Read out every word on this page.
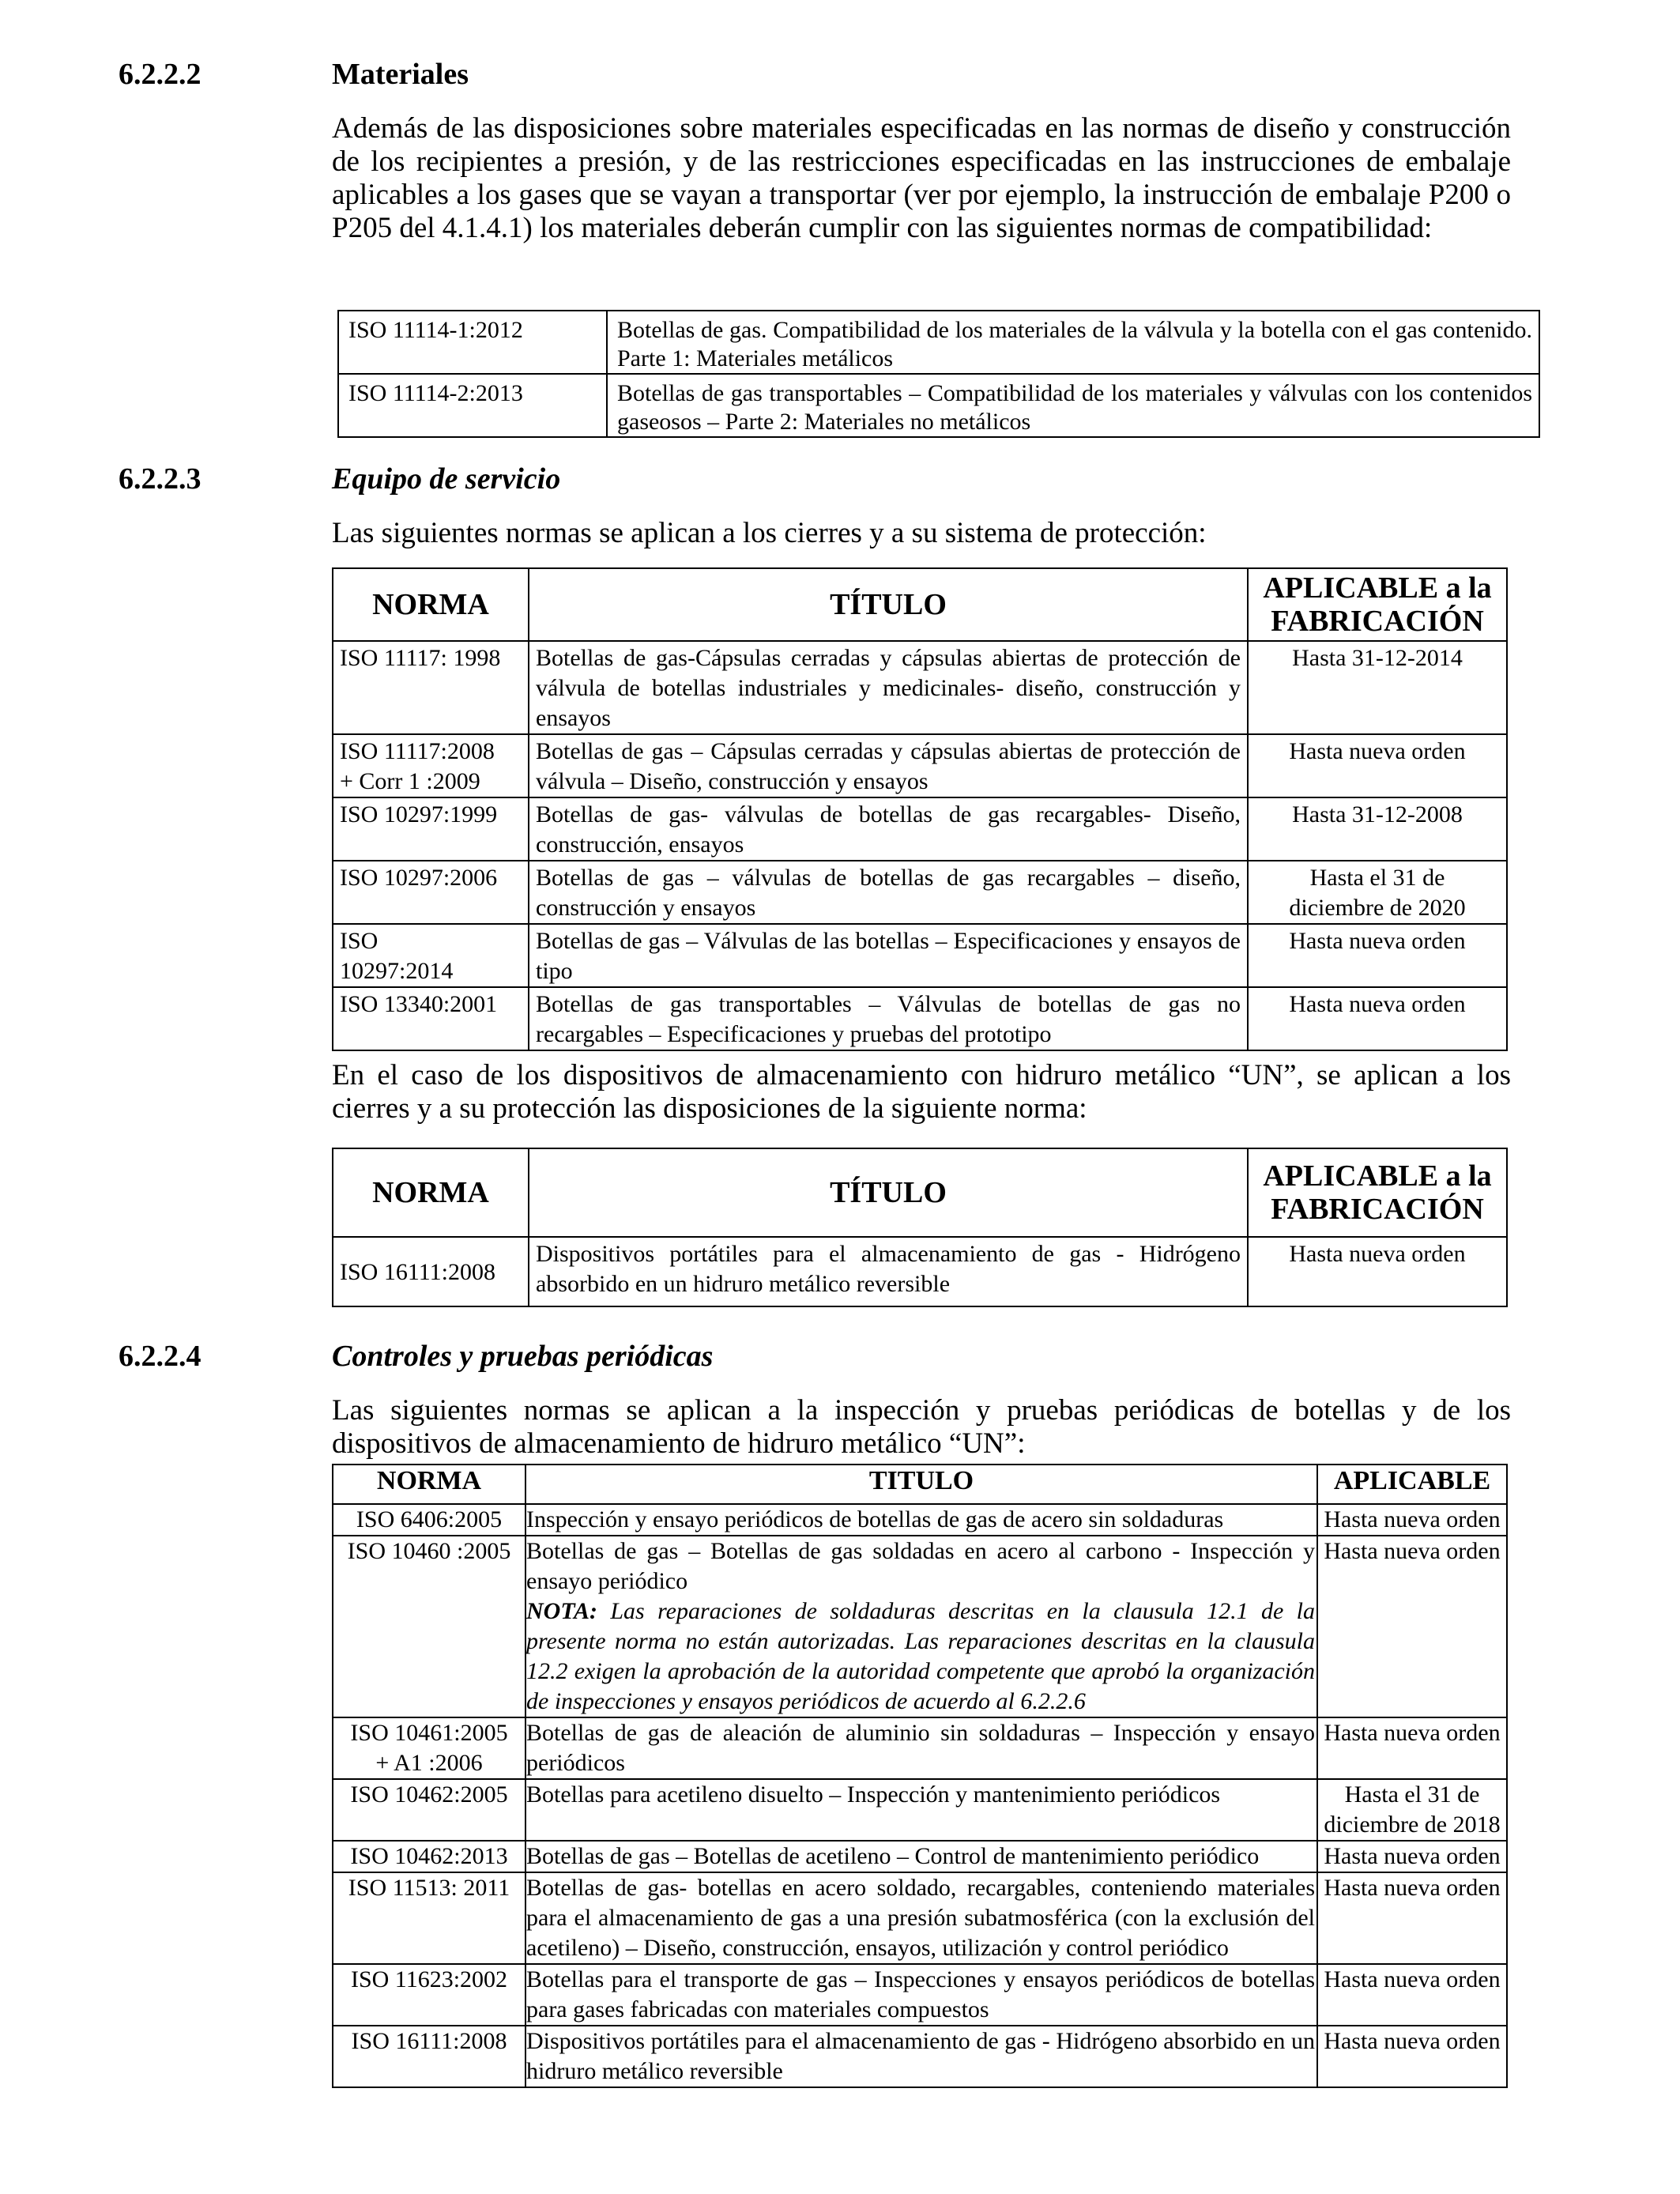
6.2.2.2	Materiales

Además de las disposiciones sobre materiales especificadas en las normas de diseño y construcción de los recipientes a presión, y de las restricciones especificadas en las instrucciones de embalaje aplicables a los gases que se vayan a transportar (ver por ejemplo, la instrucción de embalaje P200 o P205 del 4.1.4.1) los materiales deberán cumplir con las siguientes normas de compatibilidad:

ISO 11114-1:2012	Botellas de gas. Compatibilidad de los materiales de la válvula y la botella con el gas contenido. Parte 1: Materiales metálicos
ISO 11114-2:2013	Botellas de gas transportables – Compatibilidad de los materiales y válvulas con los contenidos gaseosos – Parte 2: Materiales no metálicos
6.2.2.3	Equipo de servicio

Las siguientes normas se aplican a los cierres y a su sistema de protección:

NORMA	TÍTULO	APLICABLE a la
FABRICACIÓN

ISO 11117: 1998	Botellas de gas-Cápsulas cerradas y cápsulas abiertas de protección de válvula de botellas industriales y medicinales- diseño, construcción y ensayos	Hasta 31-12-2014

ISO 11117:2008
+ Corr 1 :2009	Botellas de gas – Cápsulas cerradas y cápsulas abiertas de protección de válvula – Diseño, construcción y ensayos	Hasta nueva orden

ISO 10297:1999	Botellas de gas- válvulas de botellas de gas recargables- Diseño, construcción, ensayos	Hasta 31-12-2008

ISO 10297:2006	Botellas de gas – válvulas de botellas de gas recargables – diseño, construcción y ensayos	Hasta el 31 de
diciembre de 2020

ISO
10297:2014	Botellas de gas – Válvulas de las botellas – Especificaciones y ensayos de tipo	Hasta nueva orden

ISO 13340:2001	Botellas de gas transportables – Válvulas de botellas de gas no recargables – Especificaciones y pruebas del prototipo	Hasta nueva orden

En el caso de los dispositivos de almacenamiento con hidruro metálico “UN”, se aplican a los cierres y a su protección las disposiciones de la siguiente norma:

NORMA	TÍTULO	APLICABLE a la
FABRICACIÓN

ISO 16111:2008	Dispositivos portátiles para el almacenamiento de gas - Hidrógeno absorbido en un hidruro metálico reversible	Hasta nueva orden
6.2.2.4	Controles y pruebas periódicas

Las siguientes normas se aplican a la inspección y pruebas periódicas de botellas y de los dispositivos de almacenamiento de hidruro metálico “UN”:

NORMA	TITULO	APLICABLE

ISO 6406:2005	Inspección y ensayo periódicos de botellas de gas de acero sin soldaduras	Hasta nueva orden

ISO 10460 :2005	Botellas de gas – Botellas de gas soldadas en acero al carbono - Inspección y ensayo periódico
NOTA: Las reparaciones de soldaduras descritas en la clausula 12.1 de la presente norma no están autorizadas. Las reparaciones descritas en la clausula 12.2 exigen la aprobación de la autoridad competente que aprobó la organización de inspecciones y ensayos periódicos de acuerdo al 6.2.2.6	Hasta nueva orden

ISO 10461:2005
+ A1 :2006	Botellas de gas de aleación de aluminio sin soldaduras – Inspección y ensayo periódicos	Hasta nueva orden

ISO 10462:2005	Botellas para acetileno disuelto – Inspección y mantenimiento periódicos	Hasta el 31 de
diciembre de 2018

ISO 10462:2013	Botellas de gas – Botellas de acetileno – Control de mantenimiento periódico	Hasta nueva orden

ISO 11513: 2011	Botellas de gas- botellas en acero soldado, recargables, conteniendo materiales para el almacenamiento de gas a una presión subatmosférica (con la exclusión del acetileno) – Diseño, construcción, ensayos, utilización y control periódico	Hasta nueva orden

ISO 11623:2002	Botellas para el transporte de gas – Inspecciones y ensayos periódicos de botellas para gases fabricadas con materiales compuestos	Hasta nueva orden

ISO 16111:2008	Dispositivos portátiles para el almacenamiento de gas - Hidrógeno absorbido en un hidruro metálico reversible	Hasta nueva orden
